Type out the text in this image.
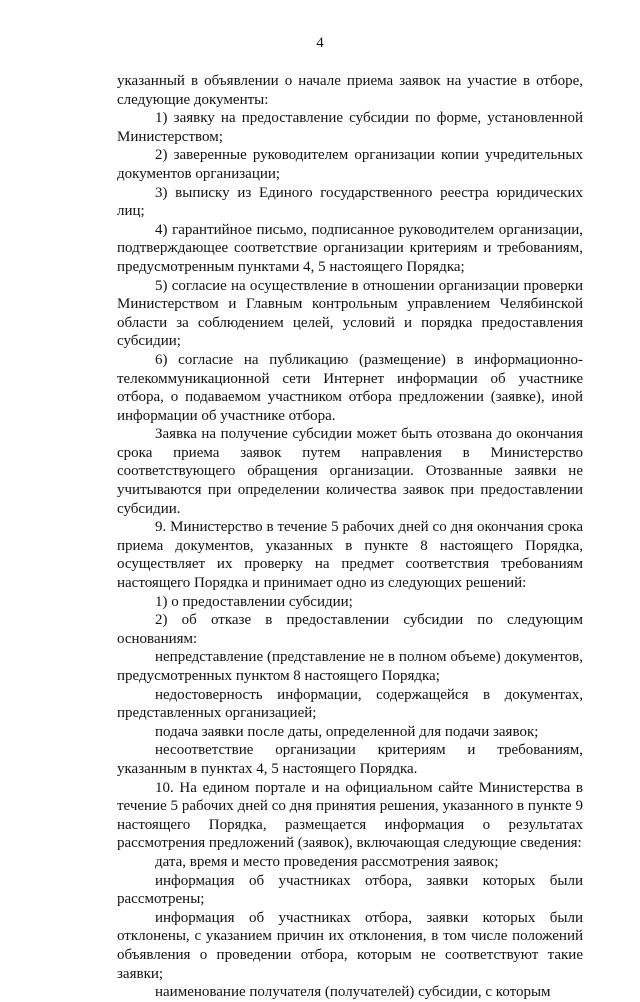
4

указанный в объявлении о начале приема заявок на участие в отборе, следующие документы:

1) заявку на предоставление субсидии по форме, установленной Министерством;

2) заверенные руководителем организации копии учредительных документов организации;

3) выписку из Единого государственного реестра юридических лиц;

4) гарантийное письмо, подписанное руководителем организации, подтверждающее соответствие организации критериям и требованиям, предусмотренным пунктами 4, 5 настоящего Порядка;

5) согласие на осуществление в отношении организации проверки Министерством и Главным контрольным управлением Челябинской области за соблюдением целей, условий и порядка предоставления субсидии;

6) согласие на публикацию (размещение) в информационно-телекоммуникационной сети Интернет информации об участнике отбора, о подаваемом участником отбора предложении (заявке), иной информации об участнике отбора.

Заявка на получение субсидии может быть отозвана до окончания срока приема заявок путем направления в Министерство соответствующего обращения организации. Отозванные заявки не учитываются при определении количества заявок при предоставлении субсидии.

9. Министерство в течение 5 рабочих дней со дня окончания срока приема документов, указанных в пункте 8 настоящего Порядка, осуществляет их проверку на предмет соответствия требованиям настоящего Порядка и принимает одно из следующих решений:

1) о предоставлении субсидии;

2) об отказе в предоставлении субсидии по следующим основаниям:

непредставление (представление не в полном объеме) документов, предусмотренных пунктом 8 настоящего Порядка;

недостоверность информации, содержащейся в документах, представленных организацией;

подача заявки после даты, определенной для подачи заявок;

несоответствие организации критериям и требованиям, указанным в пунктах 4, 5 настоящего Порядка.

10. На едином портале и на официальном сайте Министерства в течение 5 рабочих дней со дня принятия решения, указанного в пункте 9 настоящего Порядка, размещается информация о результатах рассмотрения предложений (заявок), включающая следующие сведения:

дата, время и место проведения рассмотрения заявок;

информация об участниках отбора, заявки которых были рассмотрены;

информация об участниках отбора, заявки которых были отклонены, с указанием причин их отклонения, в том числе положений объявления о проведении отбора, которым не соответствуют такие заявки;

наименование получателя (получателей) субсидии, с которым
